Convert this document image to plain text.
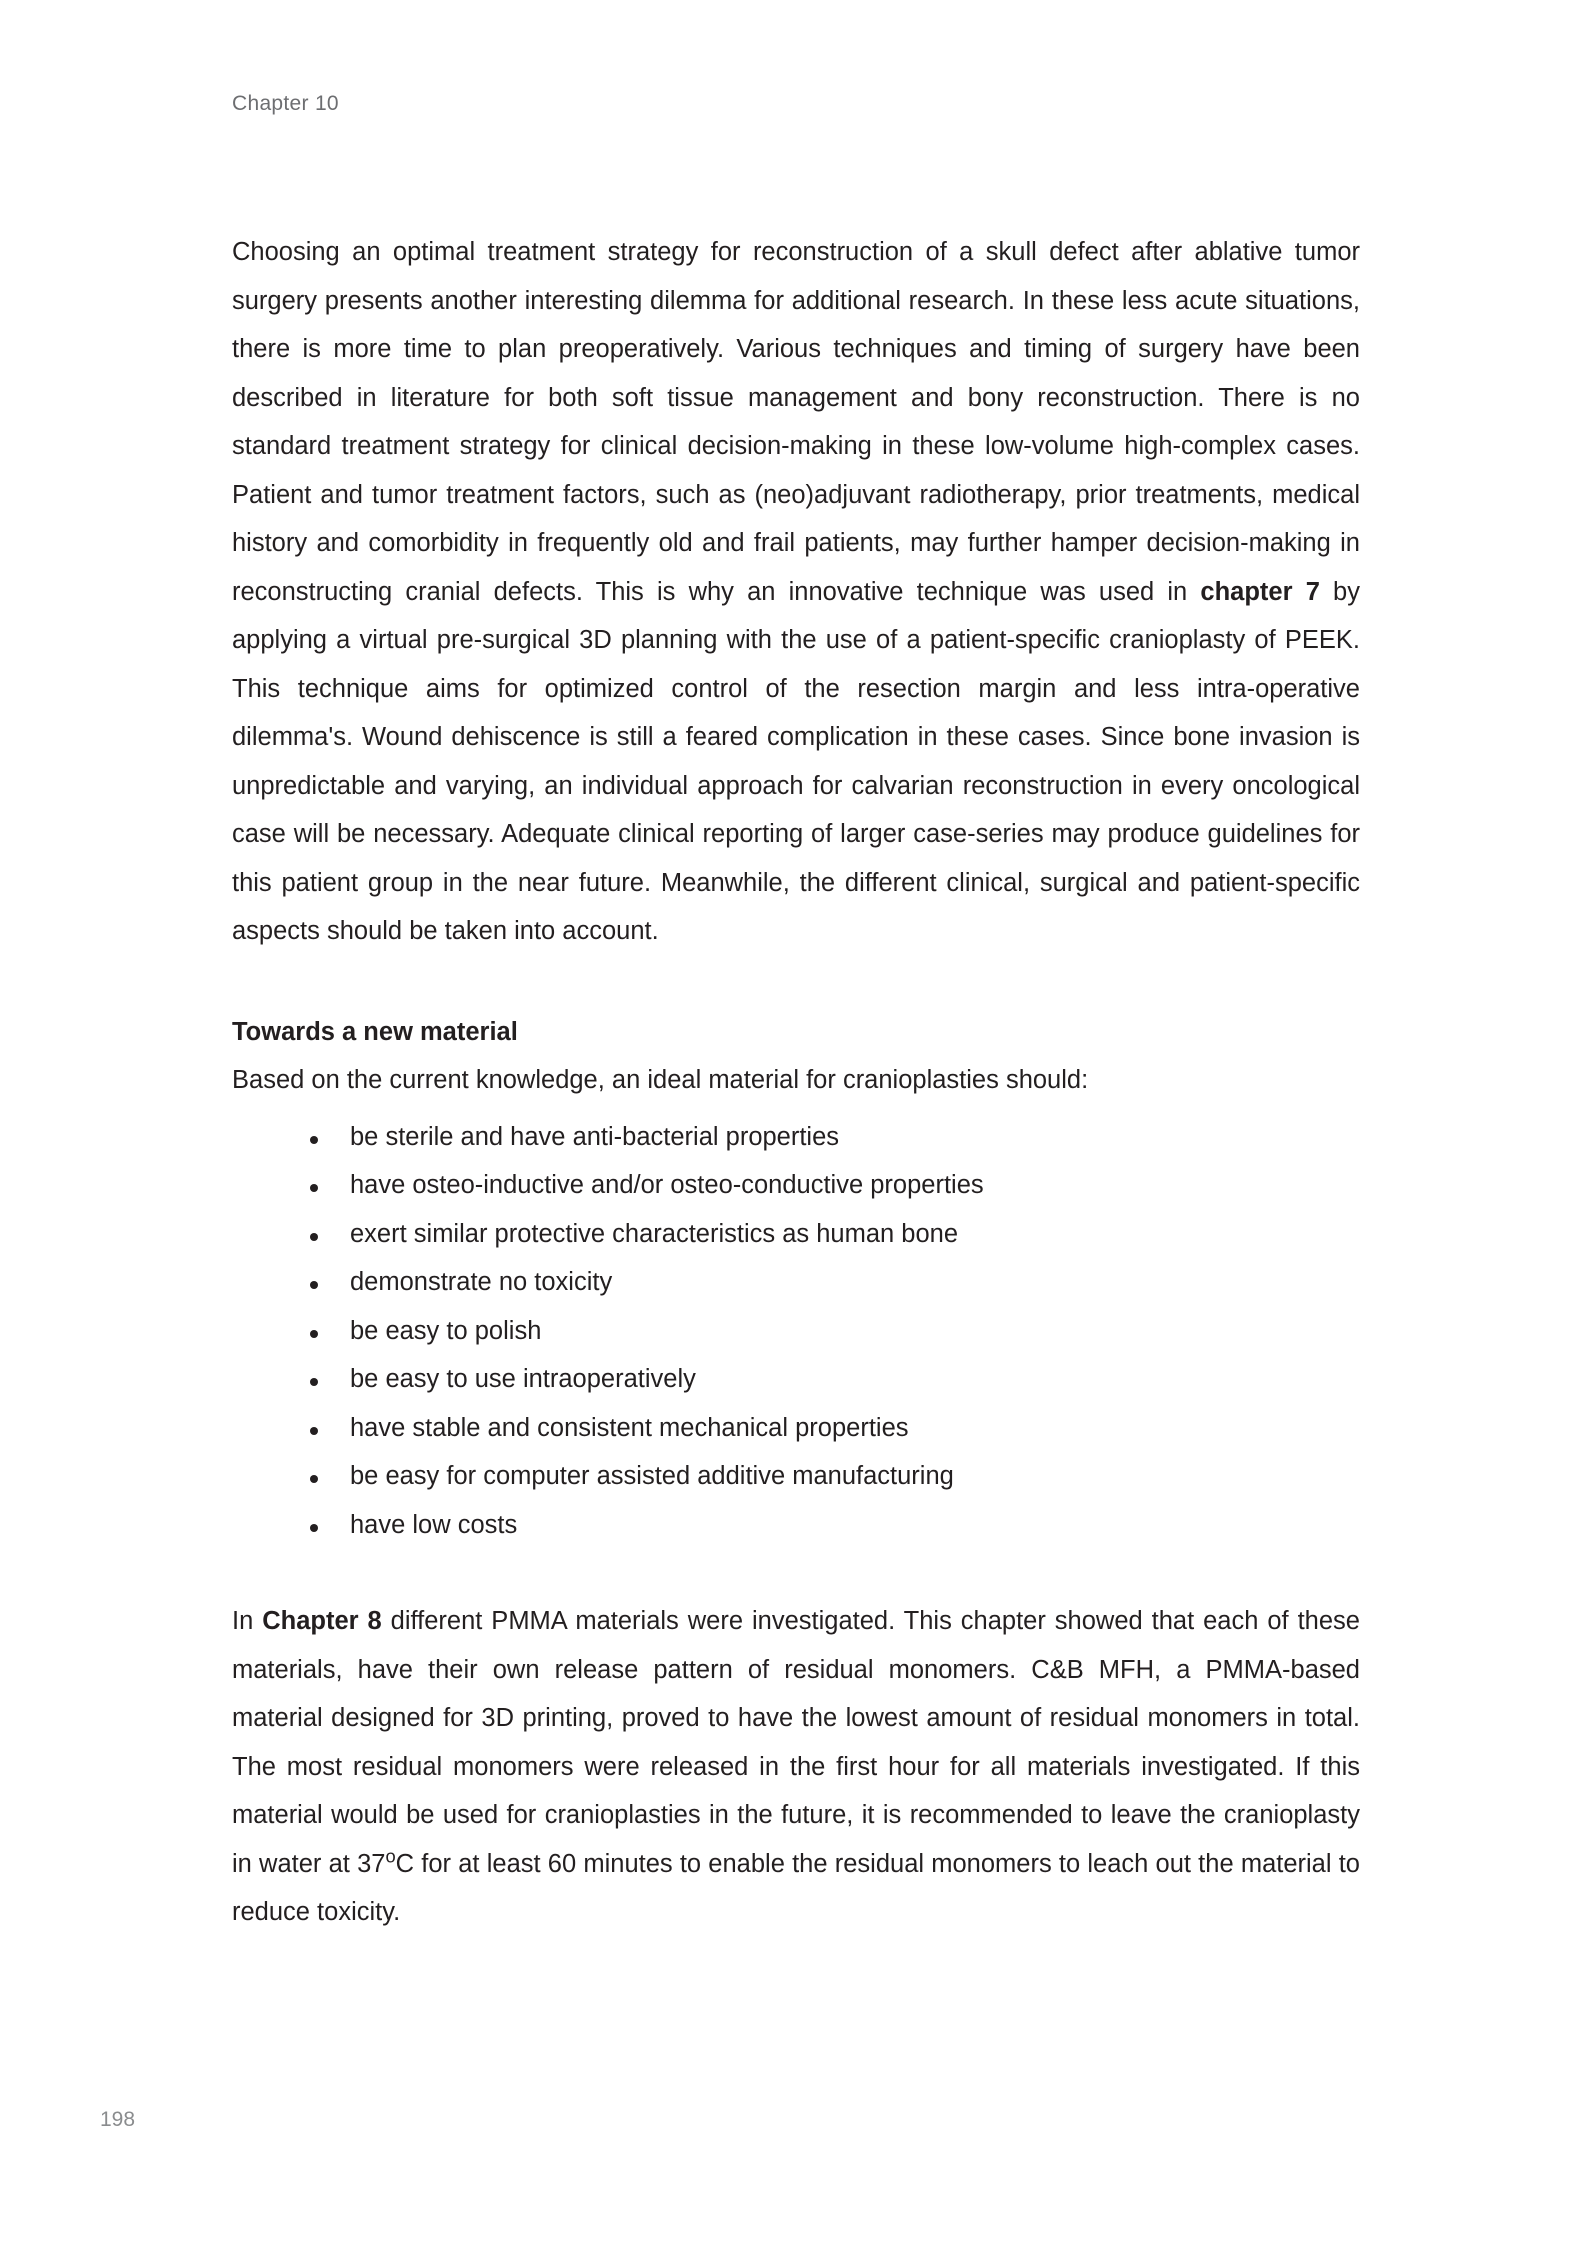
Chapter 10

Choosing an optimal treatment strategy for reconstruction of a skull defect after ablative tumor surgery presents another interesting dilemma for additional research. In these less acute situations, there is more time to plan preoperatively. Various techniques and timing of surgery have been described in literature for both soft tissue management and bony reconstruction. There is no standard treatment strategy for clinical decision-making in these low-volume high-complex cases. Patient and tumor treatment factors, such as (neo)adjuvant radiotherapy, prior treatments, medical history and comorbidity in frequently old and frail patients, may further hamper decision-making in reconstructing cranial defects. This is why an innovative technique was used in chapter 7 by applying a virtual pre-surgical 3D planning with the use of a patient-specific cranioplasty of PEEK. This technique aims for optimized control of the resection margin and less intra-operative dilemma's. Wound dehiscence is still a feared complication in these cases. Since bone invasion is unpredictable and varying, an individual approach for calvarian reconstruction in every oncological case will be necessary. Adequate clinical reporting of larger case-series may produce guidelines for this patient group in the near future. Meanwhile, the different clinical, surgical and patient-specific aspects should be taken into account.

Towards a new material

Based on the current knowledge, an ideal material for cranioplasties should:

be sterile and have anti-bacterial properties
have osteo-inductive and/or osteo-conductive properties
exert similar protective characteristics as human bone
demonstrate no toxicity
be easy to polish
be easy to use intraoperatively
have stable and consistent mechanical properties
be easy for computer assisted additive manufacturing
have low costs

In Chapter 8 different PMMA materials were investigated. This chapter showed that each of these materials, have their own release pattern of residual monomers. C&B MFH, a PMMA-based material designed for 3D printing, proved to have the lowest amount of residual monomers in total. The most residual monomers were released in the first hour for all materials investigated. If this material would be used for cranioplasties in the future, it is recommended to leave the cranioplasty in water at 37$^o$C for at least 60 minutes to enable the residual monomers to leach out the material to reduce toxicity.

198
